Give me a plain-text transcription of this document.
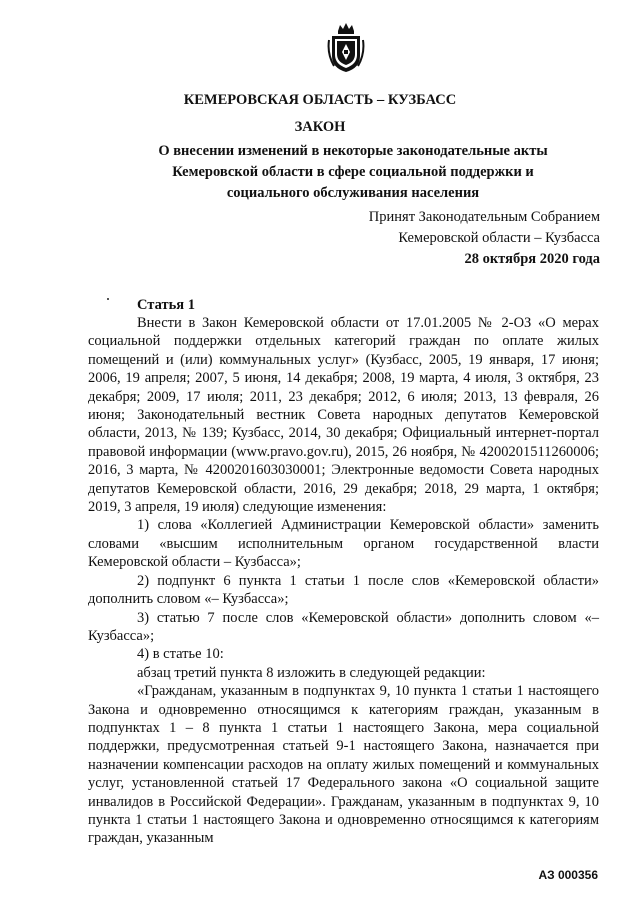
КЕМЕРОВСКАЯ ОБЛАСТЬ – КУЗБАСС
ЗАКОН
О внесении изменений в некоторые законодательные акты
Кемеровской области в сфере социальной поддержки и
социального обслуживания населения
Принят Законодательным Собранием
Кемеровской области – Кузбасса
28 октября 2020 года
Статья 1

Внести в Закон Кемеровской области от 17.01.2005 № 2-ОЗ «О мерах социальной поддержки отдельных категорий граждан по оплате жилых помещений и (или) коммунальных услуг» (Кузбасс, 2005, 19 января, 17 июня; 2006, 19 апреля; 2007, 5 июня, 14 декабря; 2008, 19 марта, 4 июля, 3 октября, 23 декабря; 2009, 17 июля; 2011, 23 декабря; 2012, 6 июля; 2013, 13 февраля, 26 июня; Законодательный вестник Совета народных депутатов Кемеровской области, 2013, № 139; Кузбасс, 2014, 30 декабря; Официальный интернет-портал правовой информации (www.pravo.gov.ru), 2015, 26 ноября, № 4200201511260006; 2016, 3 марта, № 4200201603030001; Электронные ведомости Совета народных депутатов Кемеровской области, 2016, 29 декабря; 2018, 29 марта, 1 октября; 2019, 3 апреля, 19 июля) следующие изменения:

1) слова «Коллегией Администрации Кемеровской области» заменить словами «высшим исполнительным органом государственной власти Кемеровской области – Кузбасса»;

2) подпункт 6 пункта 1 статьи 1 после слов «Кемеровской области» дополнить словом «– Кузбасса»;

3) статью 7 после слов «Кемеровской области» дополнить словом «– Кузбасса»;

4) в статье 10:

абзац третий пункта 8 изложить в следующей редакции:

«Гражданам, указанным в подпунктах 9, 10 пункта 1 статьи 1 настоящего Закона и одновременно относящимся к категориям граждан, указанным в подпунктах 1 – 8 пункта 1 статьи 1 настоящего Закона, мера социальной поддержки, предусмотренная статьей 9-1 настоящего Закона, назначается при назначении компенсации расходов на оплату жилых помещений и коммунальных услуг, установленной статьей 17 Федерального закона «О социальной защите инвалидов в Российской Федерации». Гражданам, указанным в подпунктах 9, 10 пункта 1 статьи 1 настоящего Закона и одновременно относящимся к категориям граждан, указанным

АЗ 000356
